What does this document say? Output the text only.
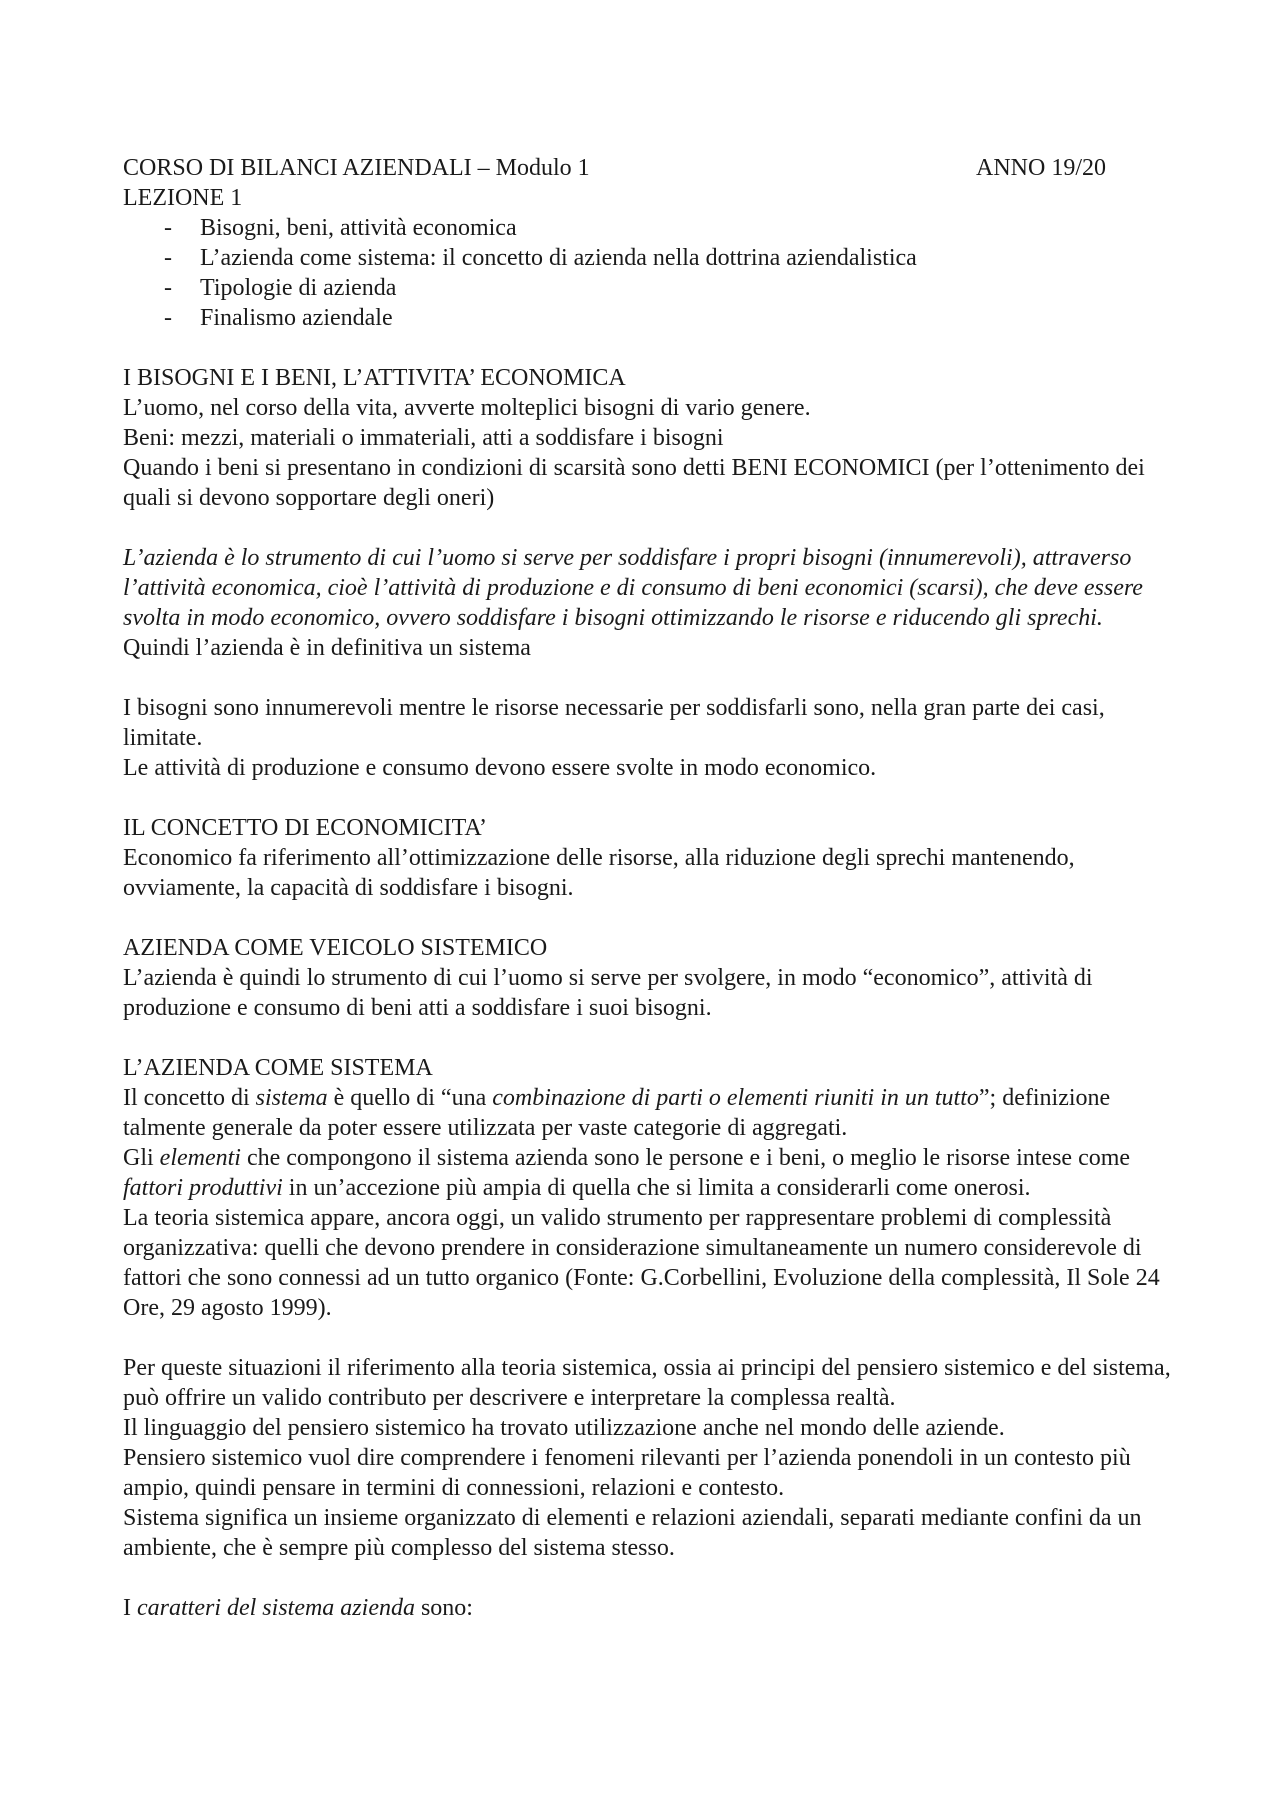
CORSO DI BILANCI AZIENDALI – Modulo 1	ANNO 19/20

LEZIONE 1

- Bisogni, beni, attività economica
- L’azienda come sistema: il concetto di azienda nella dottrina aziendalistica
- Tipologie di azienda
- Finalismo aziendale

I BISOGNI E I BENI, L’ATTIVITA’ ECONOMICA

L’uomo, nel corso della vita, avverte molteplici bisogni di vario genere.

Beni: mezzi, materiali o immateriali, atti a soddisfare i bisogni

Quando i beni si presentano in condizioni di scarsità sono detti BENI ECONOMICI (per l’ottenimento dei quali si devono sopportare degli oneri)

L’azienda è lo strumento di cui l’uomo si serve per soddisfare i propri bisogni (innumerevoli), attraverso l’attività economica, cioè l’attività di produzione e di consumo di beni economici (scarsi), che deve essere svolta in modo economico, ovvero soddisfare i bisogni ottimizzando le risorse e riducendo gli sprechi.

Quindi l’azienda è in definitiva un sistema

I bisogni sono innumerevoli mentre le risorse necessarie per soddisfarli sono, nella gran parte dei casi, limitate.

Le attività di produzione e consumo devono essere svolte in modo economico.

IL CONCETTO DI ECONOMICITA’

Economico fa riferimento all’ottimizzazione delle risorse, alla riduzione degli sprechi mantenendo, ovviamente, la capacità di soddisfare i bisogni.

AZIENDA COME VEICOLO SISTEMICO

L’azienda è quindi lo strumento di cui l’uomo si serve per svolgere, in modo “economico”, attività di produzione e consumo di beni atti a soddisfare i suoi bisogni.

L’AZIENDA COME SISTEMA

Il concetto di sistema è quello di “una combinazione di parti o elementi riuniti in un tutto”; definizione talmente generale da poter essere utilizzata per vaste categorie di aggregati.

Gli elementi che compongono il sistema azienda sono le persone e i beni, o meglio le risorse intese come fattori produttivi in un’accezione più ampia di quella che si limita a considerarli come onerosi.

La teoria sistemica appare, ancora oggi, un valido strumento per rappresentare problemi di complessità organizzativa: quelli che devono prendere in considerazione simultaneamente un numero considerevole di fattori che sono connessi ad un tutto organico (Fonte: G.Corbellini, Evoluzione della complessità, Il Sole 24 Ore, 29 agosto 1999).

Per queste situazioni il riferimento alla teoria sistemica, ossia ai principi del pensiero sistemico e del sistema, può offrire un valido contributo per descrivere e interpretare la complessa realtà.

Il linguaggio del pensiero sistemico ha trovato utilizzazione anche nel mondo delle aziende.

Pensiero sistemico vuol dire comprendere i fenomeni rilevanti per l’azienda ponendoli in un contesto più ampio, quindi pensare in termini di connessioni, relazioni e contesto.

Sistema significa un insieme organizzato di elementi e relazioni aziendali, separati mediante confini da un ambiente, che è sempre più complesso del sistema stesso.

I caratteri del sistema azienda sono:
